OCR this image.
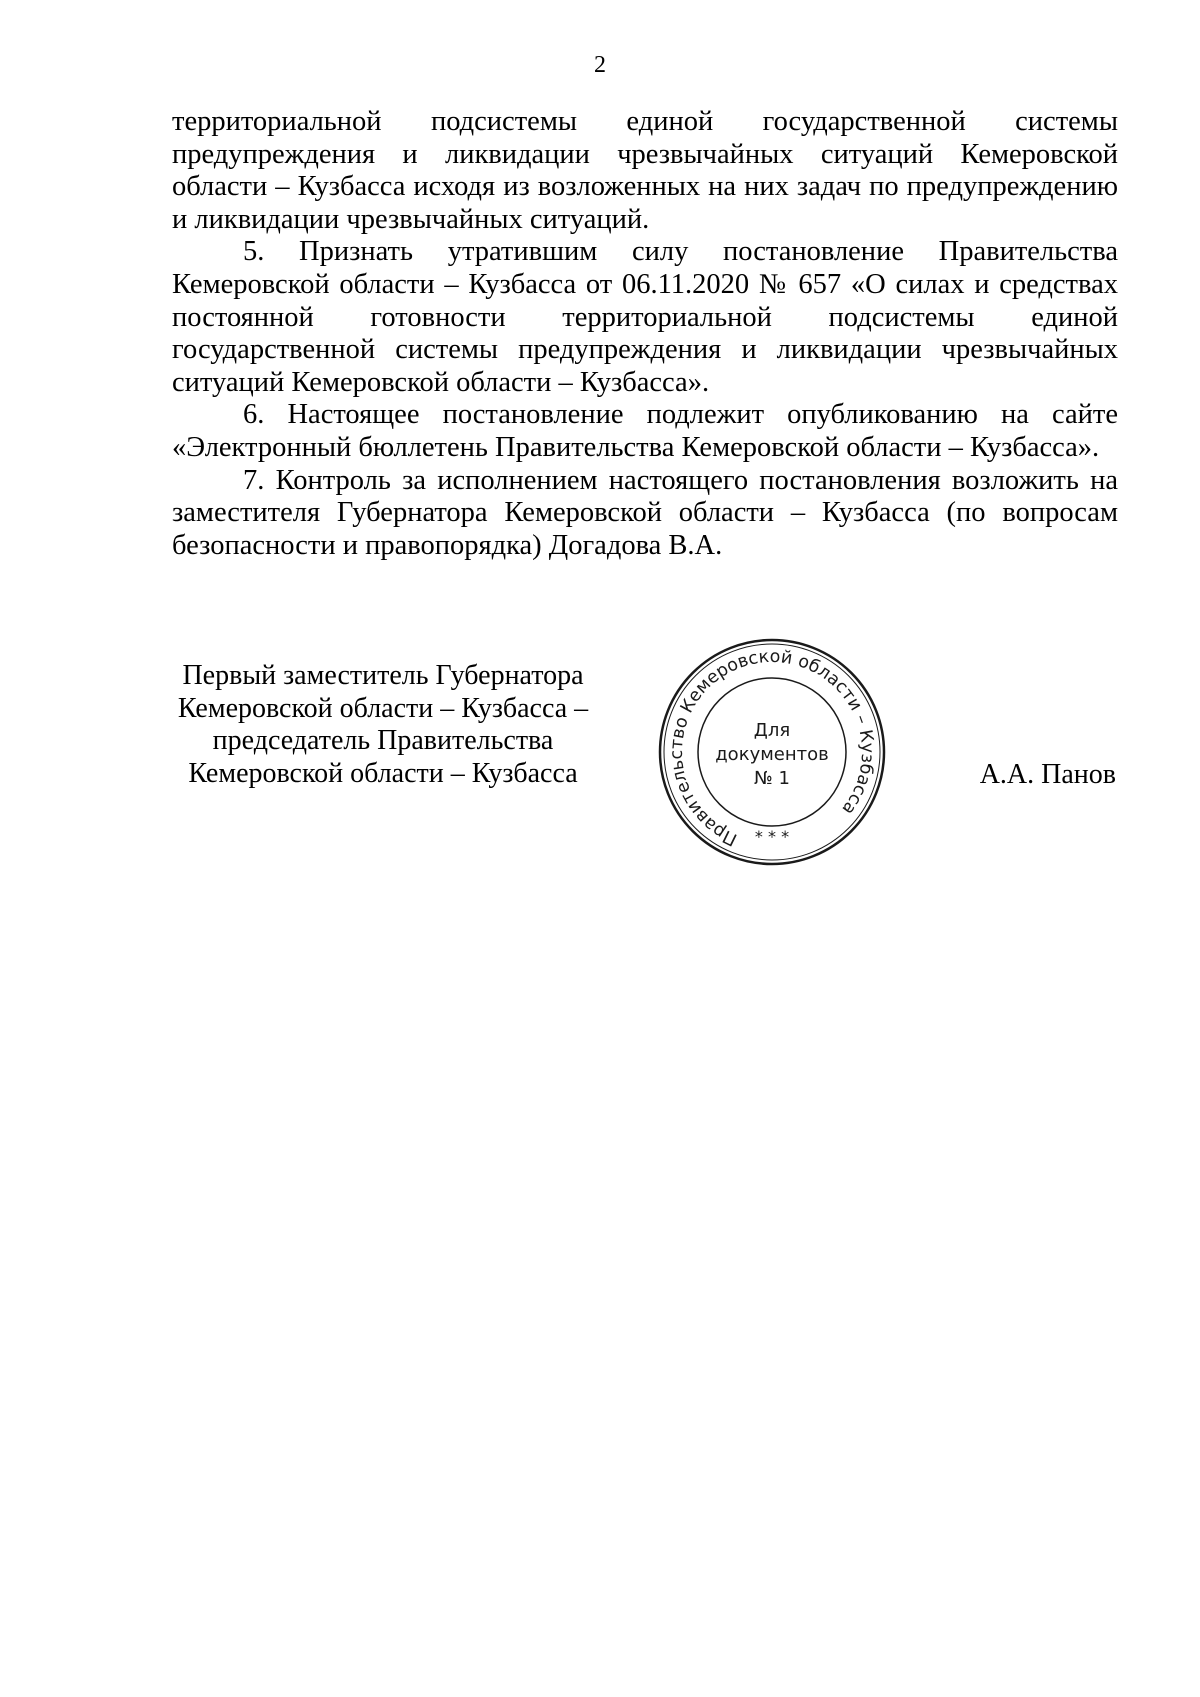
2

территориальной подсистемы единой государственной системы предупреждения и ликвидации чрезвычайных ситуаций Кемеровской области – Кузбасса исходя из возложенных на них задач по предупреждению и ликвидации чрезвычайных ситуаций.

5. Признать утратившим силу постановление Правительства Кемеровской области – Кузбасса от 06.11.2020 № 657 «О силах и средствах постоянной готовности территориальной подсистемы единой государственной системы предупреждения и ликвидации чрезвычайных ситуаций Кемеровской области – Кузбасса».

6. Настоящее постановление подлежит опубликованию на сайте «Электронный бюллетень Правительства Кемеровской области – Кузбасса».

7. Контроль за исполнением настоящего постановления возложить на заместителя Губернатора Кемеровской области – Кузбасса (по вопросам безопасности и правопорядка) Догадова В.А.

Первый заместитель Губернатора
Кемеровской области – Кузбасса –
председатель Правительства
Кемеровской области – Кузбасса
Правительство Кемеровской области – Кузбасса
* * *
Для
документов
№ 1	А.А. Панов
